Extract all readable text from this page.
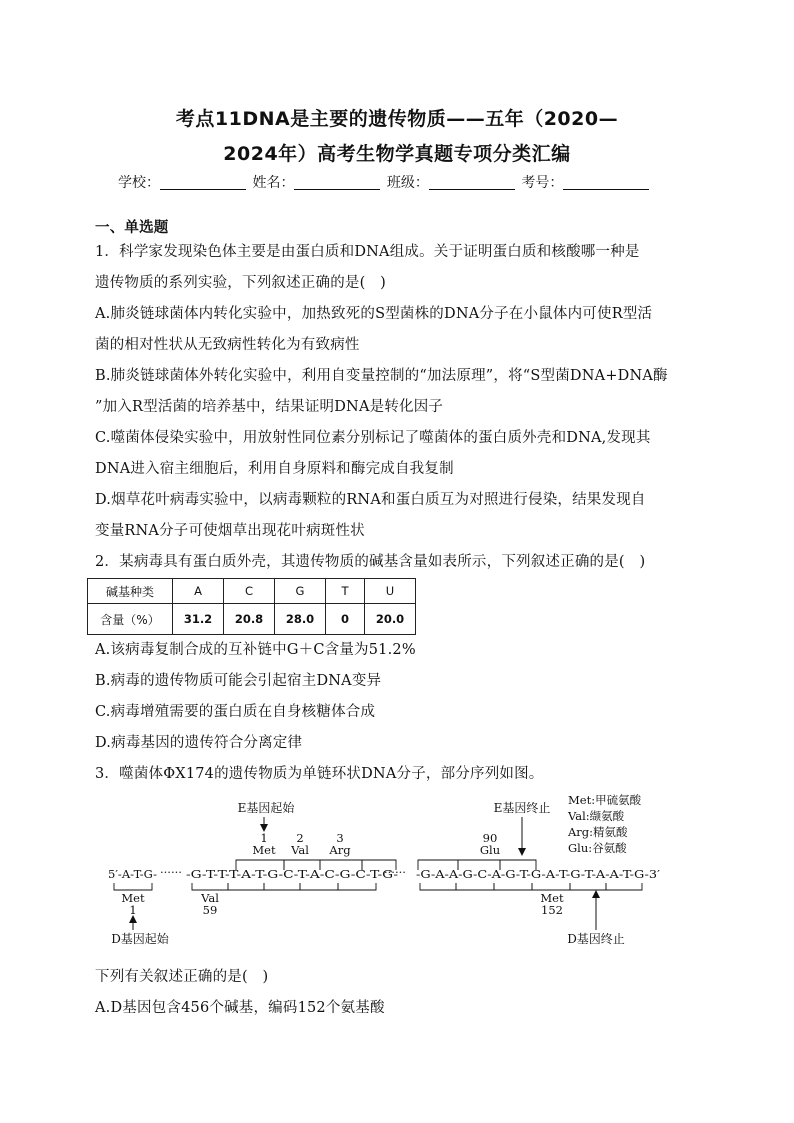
考点11DNA是主要的遗传物质——五年（2020—
2024年）高考生物学真题专项分类汇编
学校：	姓名：	班级：	考号：
一、单选题
1．科学家发现染色体主要是由蛋白质和DNA组成。关于证明蛋白质和核酸哪一种是
遗传物质的系列实验，下列叙述正确的是(　)
A.肺炎链球菌体内转化实验中，加热致死的S型菌株的DNA分子在小鼠体内可使R型活
菌的相对性状从无致病性转化为有致病性
B.肺炎链球菌体外转化实验中，利用自变量控制的“加法原理”，将“S型菌DNA+DNA酶
”加入R型活菌的培养基中，结果证明DNA是转化因子
C.噬菌体侵染实验中，用放射性同位素分别标记了噬菌体的蛋白质外壳和DNA,发现其
DNA进入宿主细胞后，利用自身原料和酶完成自我复制
D.烟草花叶病毒实验中，以病毒颗粒的RNA和蛋白质互为对照进行侵染，结果发现自
变量RNA分子可使烟草出现花叶病斑性状
2．某病毒具有蛋白质外壳，其遗传物质的碱基含量如表所示，下列叙述正确的是(　)
碱基种类	A	C	G	T	U
含量（%）	31.2	20.8	28.0	0	20.0
A.该病毒复制合成的互补链中G＋C含量为51.2%
B.病毒的遗传物质可能会引起宿主DNA变异
C.病毒增殖需要的蛋白质在自身核糖体合成
D.病毒基因的遗传符合分离定律
3．噬菌体ΦX174的遗传物质为单链环状DNA分子，部分序列如图。
E基因起始
1
Met
2
Val
3
Arg
E基因终止
90
Glu
Met:甲硫氨酸
Val:缬氨酸
Arg:精氨酸
Glu:谷氨酸
5′-A-T-G- ······ -G-T-T-T-A-T-G-C-T-A-C-G-C-T-G-
······ -G-A-A-G-C-A-G-T-G-A-T-G-T-A-A-T-G-3′
Met
1
Val
59
Met
152
D基因起始	D基因终止
下列有关叙述正确的是(　)
A.D基因包含456个碱基，编码152个氨基酸
